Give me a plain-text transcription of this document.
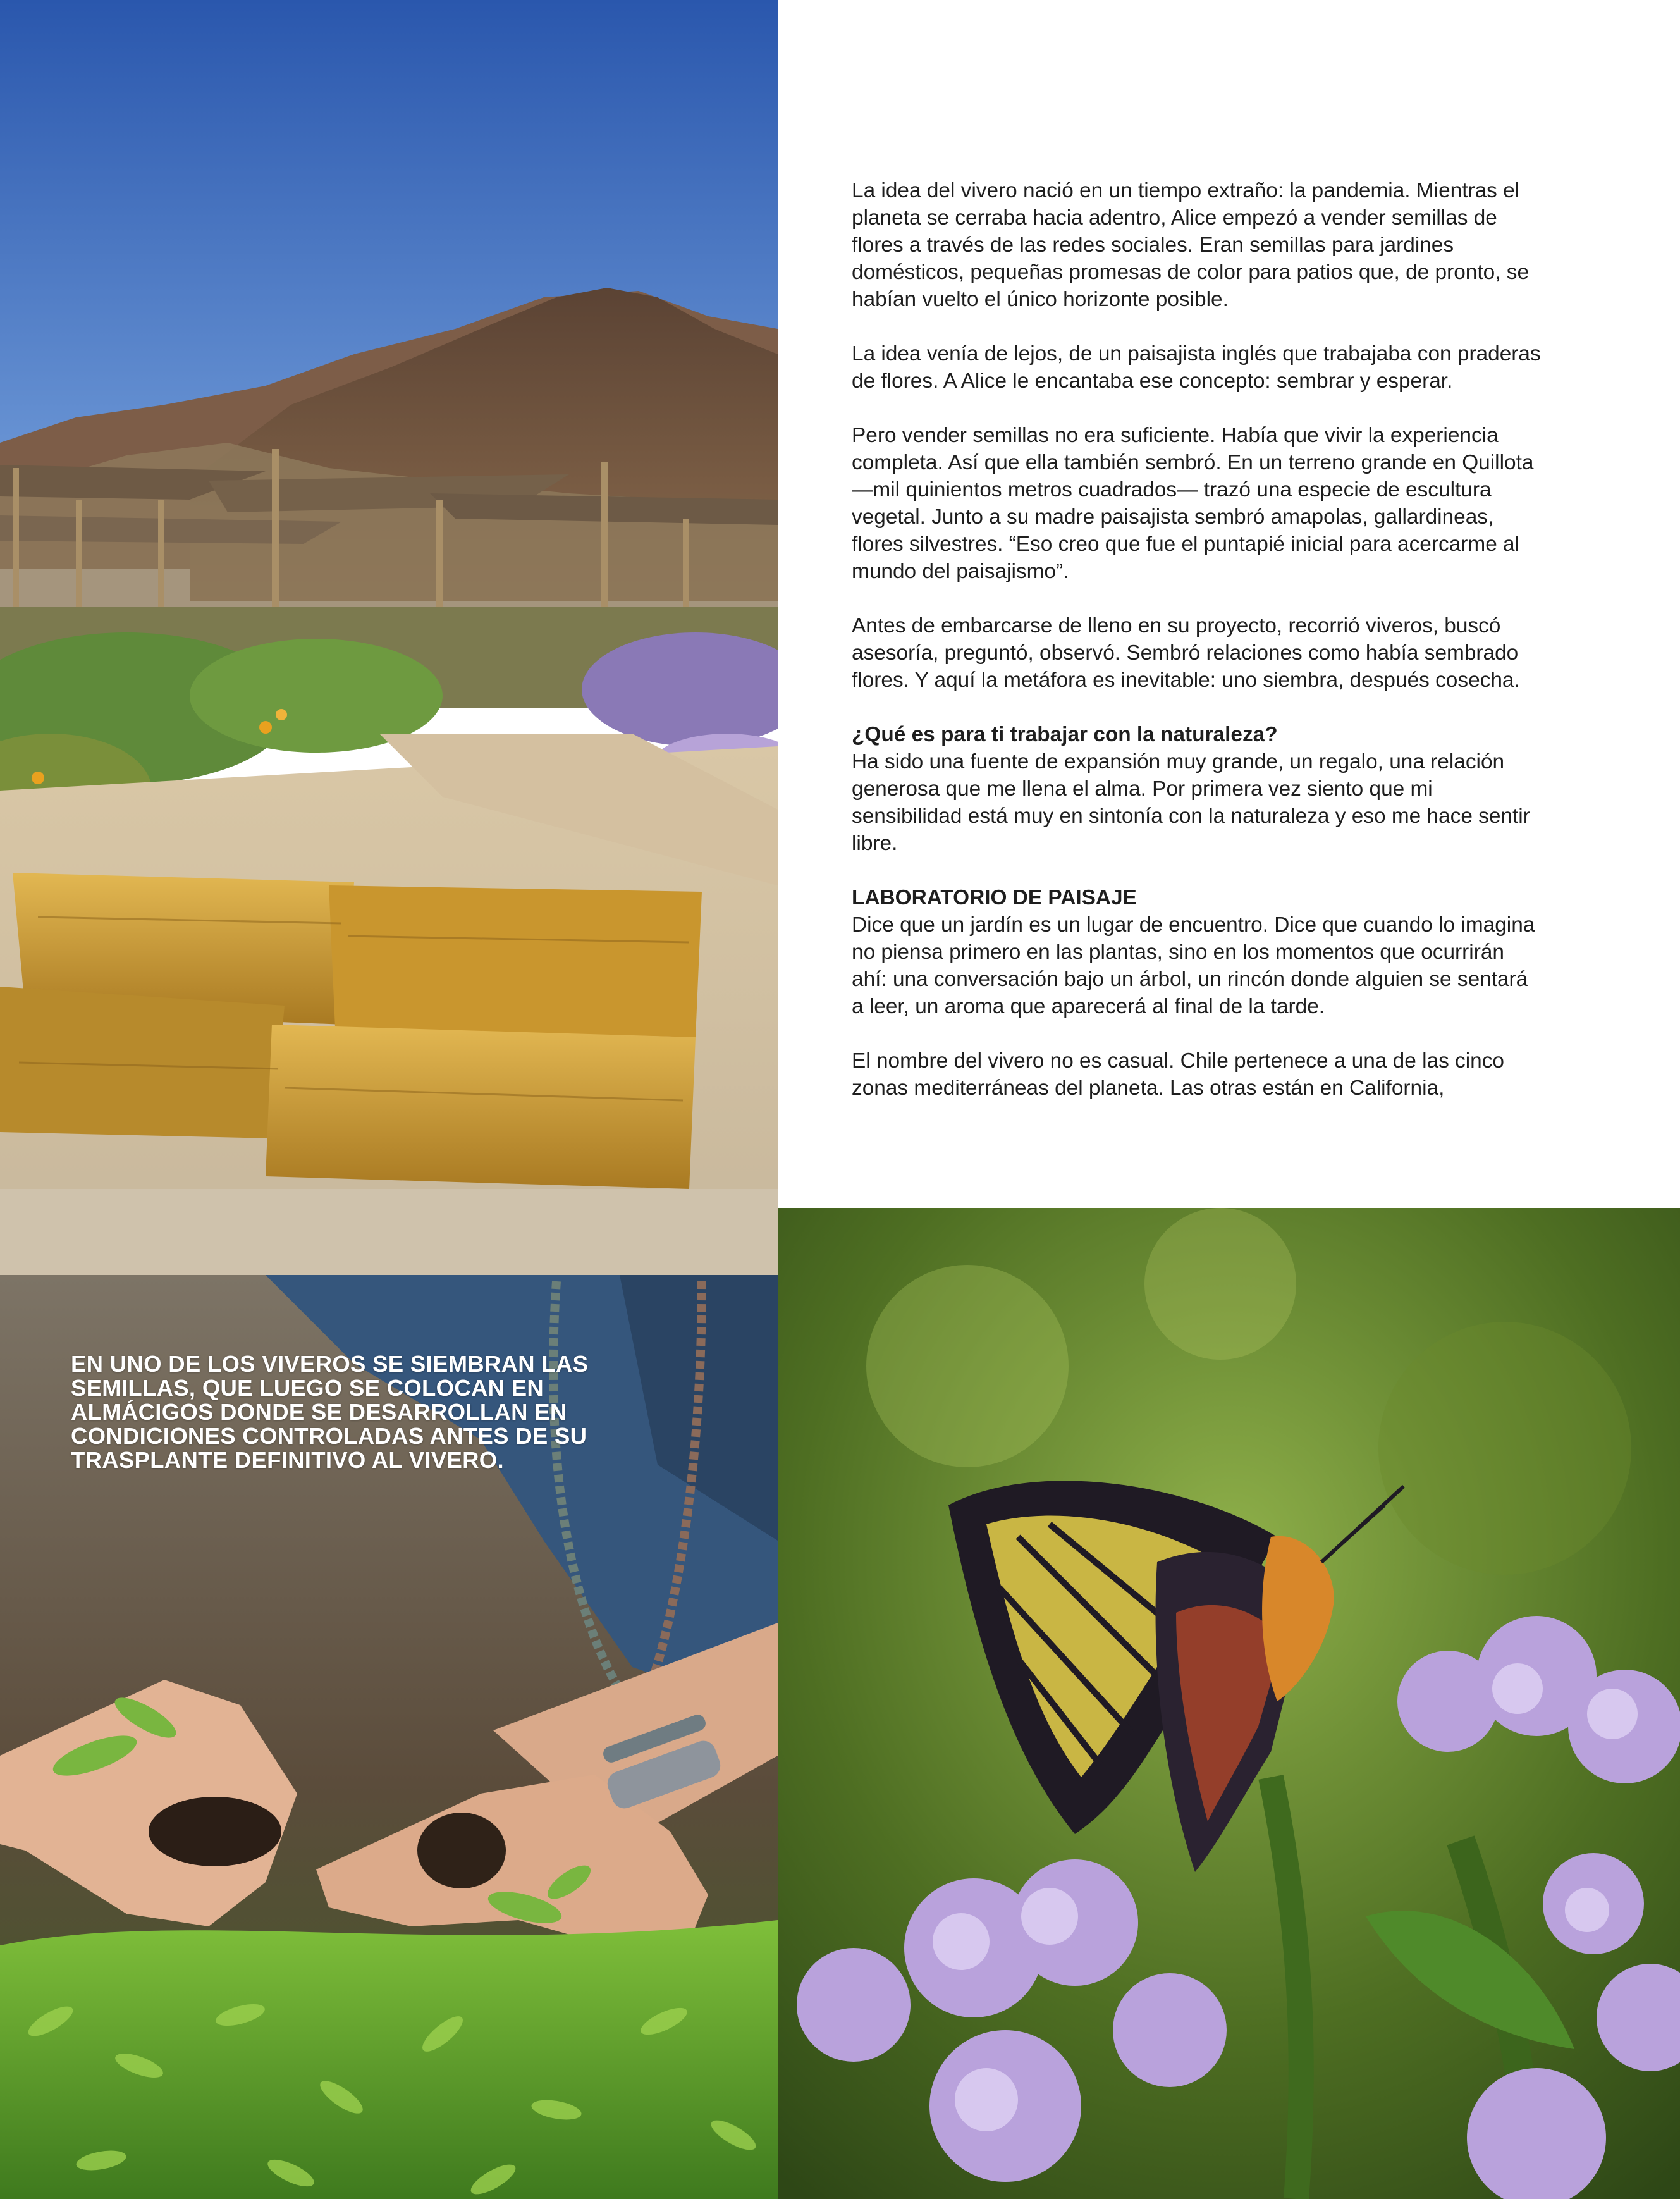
EN UNO DE LOS VIVEROS SE SIEMBRAN LAS SEMILLAS, QUE LUEGO SE COLOCAN EN ALMÁCIGOS DONDE SE DESARROLLAN EN CONDICIONES CONTROLADAS ANTES DE SU TRASPLANTE DEFINITIVO AL VIVERO.

La idea del vivero nació en un tiempo extraño: la pandemia. Mientras el planeta se cerraba hacia adentro, Alice empezó a vender semillas de flores a través de las redes sociales. Eran semillas para jardines domésticos, pequeñas promesas de color para patios que, de pronto, se habían vuelto el único horizonte posible.

La idea venía de lejos, de un paisajista inglés que trabajaba con praderas de flores. A Alice le encantaba ese concepto: sembrar y esperar.

Pero vender semillas no era suficiente. Había que vivir la experiencia completa. Así que ella también sembró. En un terreno grande en Quillota —mil quinientos metros cuadrados— trazó una especie de escultura vegetal. Junto a su madre paisajista sembró amapolas, gallardineas, flores silvestres. “Eso creo que fue el puntapié inicial para acercarme al mundo del paisajismo”.

Antes de embarcarse de lleno en su proyecto, recorrió viveros, buscó asesoría, preguntó, observó. Sembró relaciones como había sembrado flores. Y aquí la metáfora es inevitable: uno siembra, después cosecha.

¿Qué es para ti trabajar con la naturaleza?
Ha sido una fuente de expansión muy grande, un regalo, una relación generosa que me llena el alma. Por primera vez siento que mi sensibilidad está muy en sintonía con la naturaleza y eso me hace sentir libre.

LABORATORIO DE PAISAJE
Dice que un jardín es un lugar de encuentro. Dice que cuando lo imagina no piensa primero en las plantas, sino en los momentos que ocurrirán ahí: una conversación bajo un árbol, un rincón donde alguien se sentará a leer, un aroma que aparecerá al final de la tarde.

El nombre del vivero no es casual. Chile pertenece a una de las cinco zonas mediterráneas del planeta. Las otras están en California,
